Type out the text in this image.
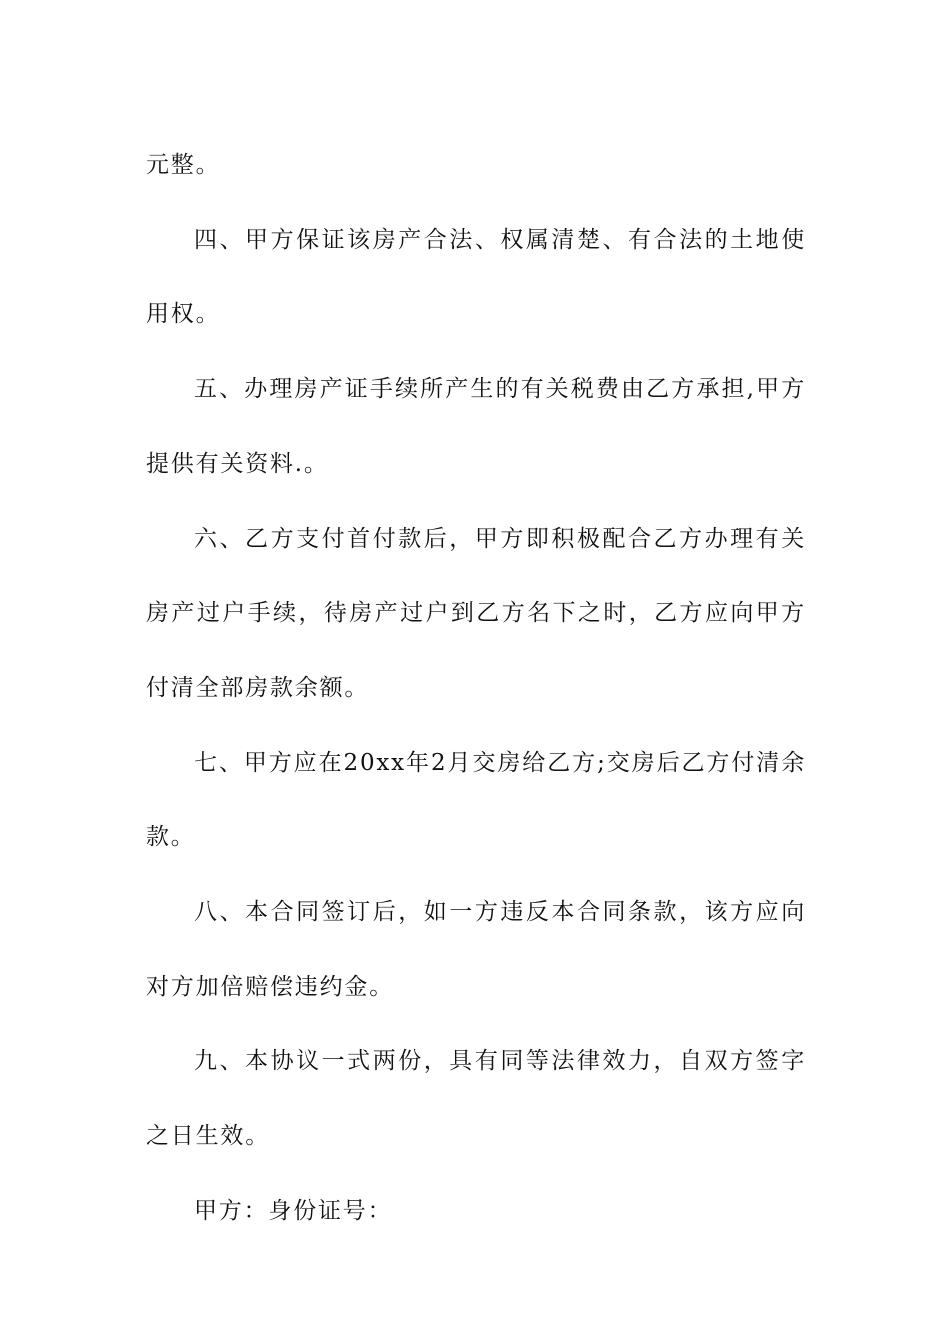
元整。

四、甲方保证该房产合法、权属清楚、有合法的土地使用权。

五、办理房产证手续所产生的有关税费由乙方承担,甲方提供有关资料.。

六、乙方支付首付款后，甲方即积极配合乙方办理有关房产过户手续，待房产过户到乙方名下之时，乙方应向甲方付清全部房款余额。

七、甲方应在20xx年2月交房给乙方;交房后乙方付清余款。

八、本合同签订后，如一方违反本合同条款，该方应向对方加倍赔偿违约金。

九、本协议一式两份，具有同等法律效力，自双方签字之日生效。

甲方：身份证号：
